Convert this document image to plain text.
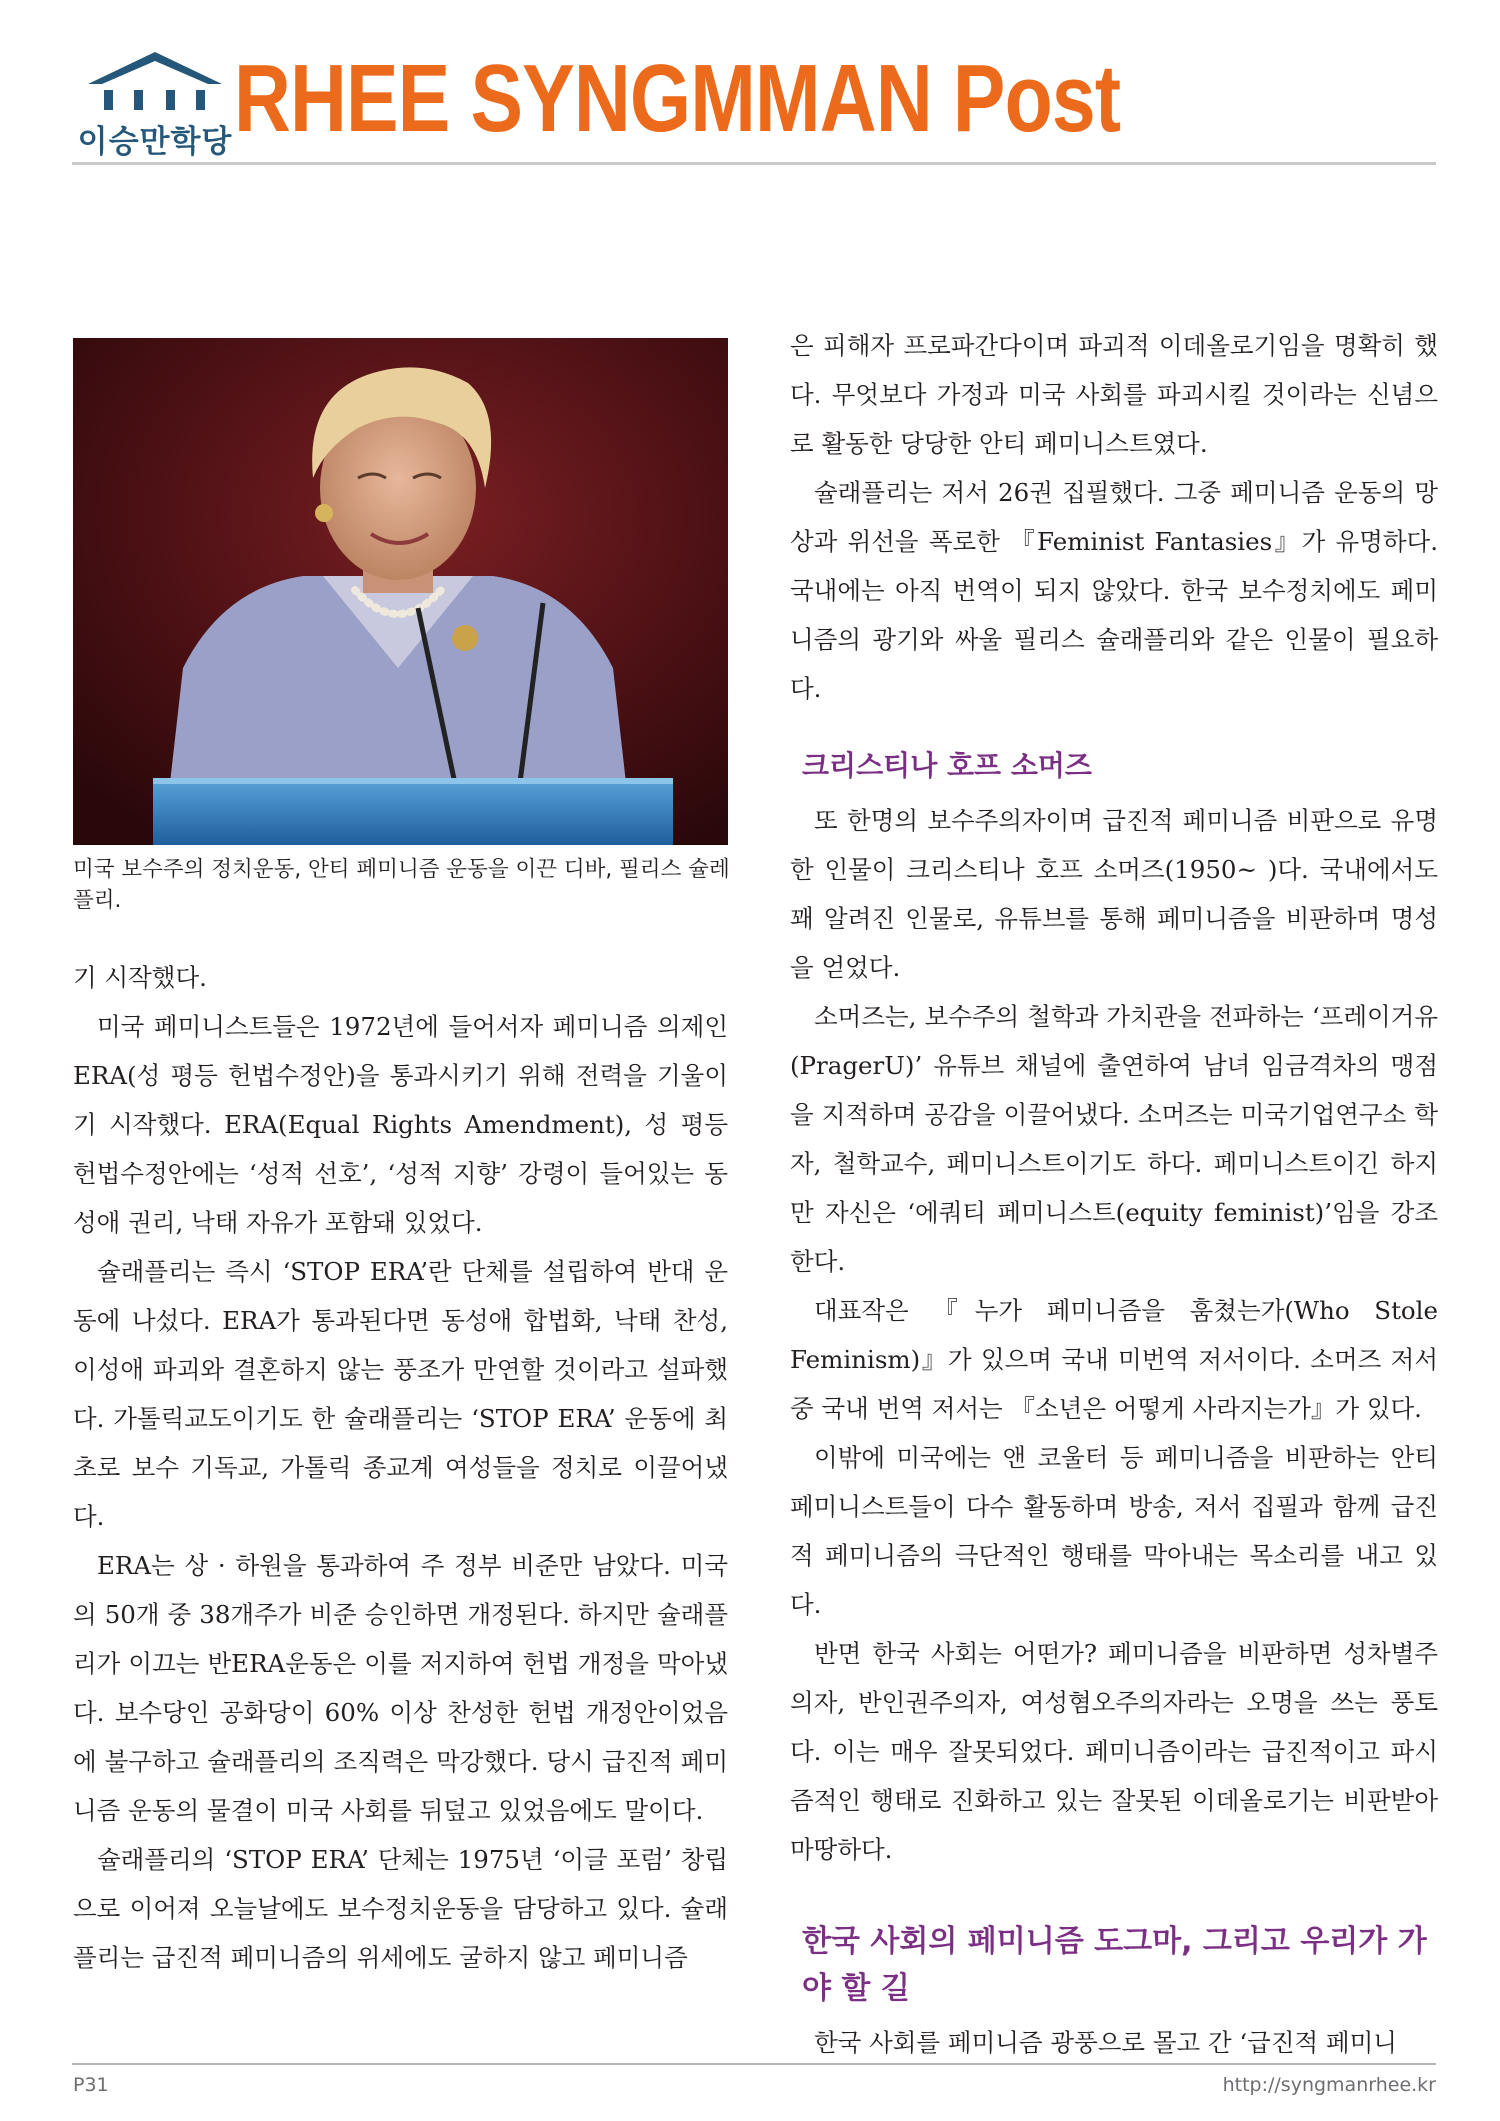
이승만학당 RHEE SYNGMMAN Post
미국 보수주의 정치운동, 안티 페미니즘 운동을 이끈 디바, 필리스 슐레플리.

기 시작했다.

미국 페미니스트들은 1972년에 들어서자 페미니즘 의제인 ERA(성 평등 헌법수정안)을 통과시키기 위해 전력을 기울이기 시작했다. ERA(Equal Rights Amendment), 성 평등 헌법수정안에는 ‘성적 선호’, ‘성적 지향’ 강령이 들어있는 동성애 권리, 낙태 자유가 포함돼 있었다.

슐래플리는 즉시 ‘STOP ERA’란 단체를 설립하여 반대 운동에 나섰다. ERA가 통과된다면 동성애 합법화, 낙태 찬성, 이성애 파괴와 결혼하지 않는 풍조가 만연할 것이라고 설파했다. 가톨릭교도이기도 한 슐래플리는 ‘STOP ERA’ 운동에 최초로 보수 기독교, 가톨릭 종교계 여성들을 정치로 이끌어냈다.

ERA는 상 · 하원을 통과하여 주 정부 비준만 남았다. 미국의 50개 중 38개주가 비준 승인하면 개정된다. 하지만 슐래플리가 이끄는 반ERA운동은 이를 저지하여 헌법 개정을 막아냈다. 보수당인 공화당이 60% 이상 찬성한 헌법 개정안이었음에 불구하고 슐래플리의 조직력은 막강했다. 당시 급진적 페미니즘 운동의 물결이 미국 사회를 뒤덮고 있었음에도 말이다.

슐래플리의 ‘STOP ERA’ 단체는 1975년 ‘이글 포럼’ 창립으로 이어져 오늘날에도 보수정치운동을 담당하고 있다. 슐래플리는 급진적 페미니즘의 위세에도 굴하지 않고 페미니즘

은 피해자 프로파간다이며 파괴적 이데올로기임을 명확히 했다. 무엇보다 가정과 미국 사회를 파괴시킬 것이라는 신념으로 활동한 당당한 안티 페미니스트였다.

슐래플리는 저서 26권 집필했다. 그중 페미니즘 운동의 망상과 위선을 폭로한 『Feminist Fantasies』가 유명하다. 국내에는 아직 번역이 되지 않았다. 한국 보수정치에도 페미니즘의 광기와 싸울 필리스 슐래플리와 같은 인물이 필요하다.

크리스티나 호프 소머즈

또 한명의 보수주의자이며 급진적 페미니즘 비판으로 유명한 인물이 크리스티나 호프 소머즈(1950~ )다. 국내에서도 꽤 알려진 인물로, 유튜브를 통해 페미니즘을 비판하며 명성을 얻었다.

소머즈는, 보수주의 철학과 가치관을 전파하는 ‘프레이거유(PragerU)’ 유튜브 채널에 출연하여 남녀 임금격차의 맹점을 지적하며 공감을 이끌어냈다. 소머즈는 미국기업연구소 학자, 철학교수, 페미니스트이기도 하다. 페미니스트이긴 하지만 자신은 ‘에쿼티 페미니스트(equity feminist)’임을 강조한다.

대표작은 『누가 페미니즘을 훔쳤는가(Who Stole Feminism)』가 있으며 국내 미번역 저서이다. 소머즈 저서 중 국내 번역 저서는 『소년은 어떻게 사라지는가』가 있다.

이밖에 미국에는 앤 코울터 등 페미니즘을 비판하는 안티 페미니스트들이 다수 활동하며 방송, 저서 집필과 함께 급진적 페미니즘의 극단적인 행태를 막아내는 목소리를 내고 있다.

반면 한국 사회는 어떤가? 페미니즘을 비판하면 성차별주의자, 반인권주의자, 여성혐오주의자라는 오명을 쓰는 풍토다. 이는 매우 잘못되었다. 페미니즘이라는 급진적이고 파시즘적인 행태로 진화하고 있는 잘못된 이데올로기는 비판받아 마땅하다.

한국 사회의 페미니즘 도그마, 그리고 우리가 가야 할 길

한국 사회를 페미니즘 광풍으로 몰고 간 ‘급진적 페미니

P31	http://syngmanrhee.kr
